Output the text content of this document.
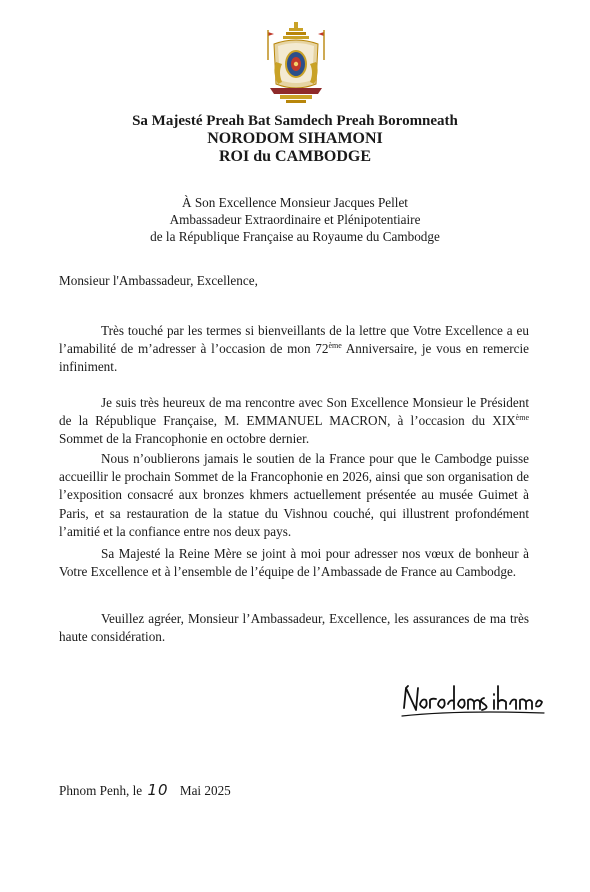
Sa Majesté Preah Bat Samdech Preah Boromneath
NORODOM SIHAMONI
ROI du CAMBODGE
À Son Excellence Monsieur Jacques Pellet
Ambassadeur Extraordinaire et Plénipotentiaire
de la République Française au Royaume du Cambodge
Monsieur l'Ambassadeur, Excellence,

Très touché par les termes si bienveillants de la lettre que Votre Excellence a eu l’amabilité de m’adresser à l’occasion de mon 72ème Anniversaire, je vous en remercie infiniment.

Je suis très heureux de ma rencontre avec Son Excellence Monsieur le Président de la République Française, M. EMMANUEL MACRON, à l’occasion du XIXème Sommet de la Francophonie en octobre dernier.

Nous n’oublierons jamais le soutien de la France pour que le Cambodge puisse accueillir le prochain Sommet de la Francophonie en 2026, ainsi que son organisation de l’exposition consacré aux bronzes khmers actuellement présentée au musée Guimet à Paris, et sa restauration de la statue du Vishnou couché, qui illustrent profondément l’amitié et la confiance entre nos deux pays.

Sa Majesté la Reine Mère se joint à moi pour adresser nos vœux de bonheur à Votre Excellence et à l’ensemble de l’équipe de l’Ambassade de France au Cambodge.

Veuillez agréer, Monsieur l’Ambassadeur, Excellence, les assurances de ma très haute considération.

Phnom Penh, le 10 Mai 2025
